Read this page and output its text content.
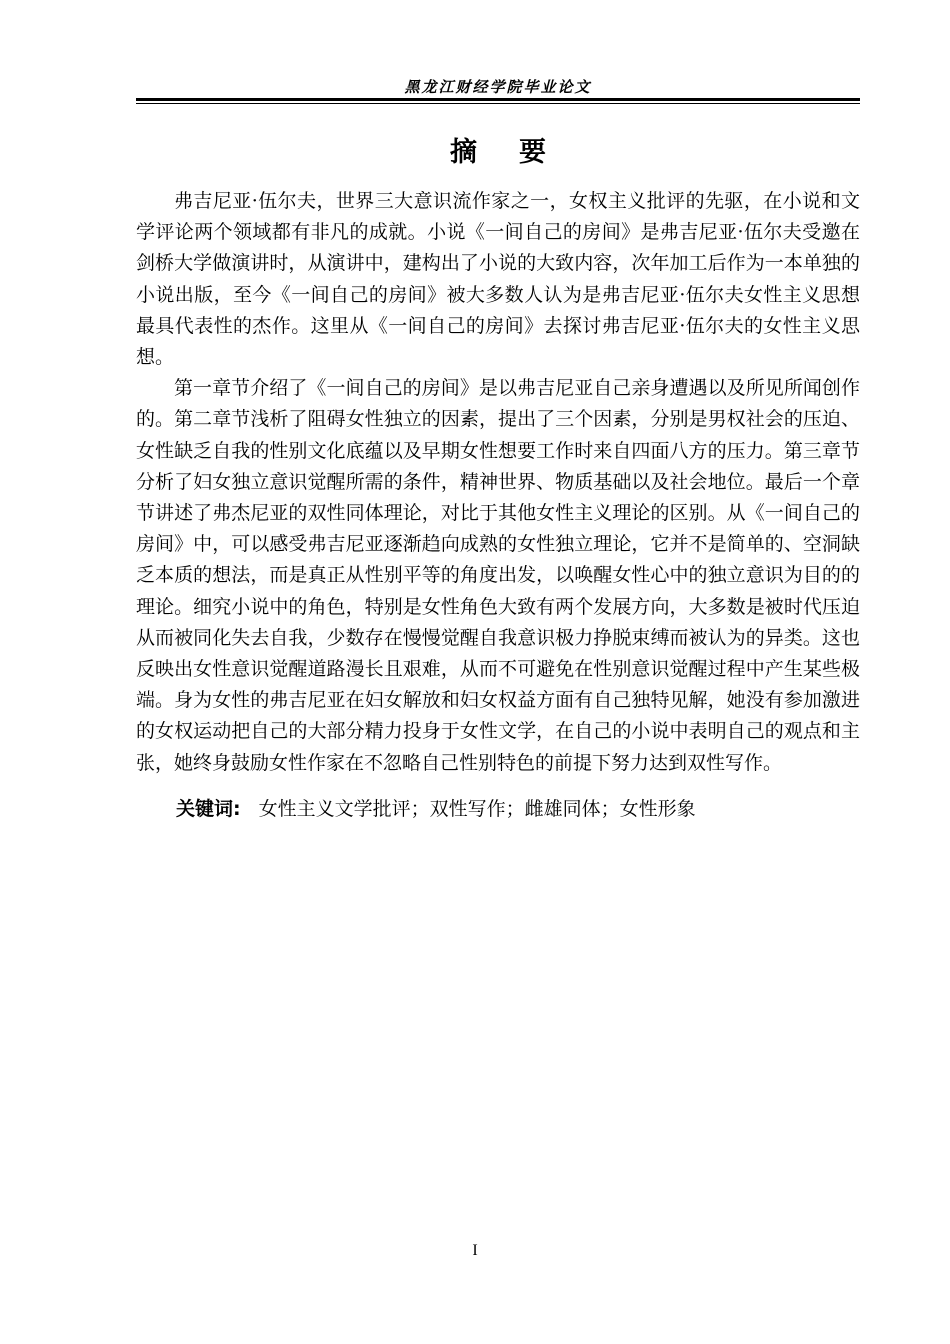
黑龙江财经学院毕业论文
摘要

弗吉尼亚·伍尔夫，世界三大意识流作家之一，女权主义批评的先驱，在小说和文学评论两个领域都有非凡的成就。小说《一间自己的房间》是弗吉尼亚·伍尔夫受邀在剑桥大学做演讲时，从演讲中，建构出了小说的大致内容，次年加工后作为一本单独的小说出版，至今《一间自己的房间》被大多数人认为是弗吉尼亚·伍尔夫女性主义思想最具代表性的杰作。这里从《一间自己的房间》去探讨弗吉尼亚·伍尔夫的女性主义思想。

第一章节介绍了《一间自己的房间》是以弗吉尼亚自己亲身遭遇以及所见所闻创作的。第二章节浅析了阻碍女性独立的因素，提出了三个因素，分别是男权社会的压迫、女性缺乏自我的性别文化底蕴以及早期女性想要工作时来自四面八方的压力。第三章节分析了妇女独立意识觉醒所需的条件，精神世界、物质基础以及社会地位。最后一个章节讲述了弗杰尼亚的双性同体理论，对比于其他女性主义理论的区别。从《一间自己的房间》中，可以感受弗吉尼亚逐渐趋向成熟的女性独立理论，它并不是简单的、空洞缺乏本质的想法，而是真正从性别平等的角度出发，以唤醒女性心中的独立意识为目的的理论。细究小说中的角色，特别是女性角色大致有两个发展方向，大多数是被时代压迫从而被同化失去自我，少数存在慢慢觉醒自我意识极力挣脱束缚而被认为的异类。这也反映出女性意识觉醒道路漫长且艰难，从而不可避免在性别意识觉醒过程中产生某些极端。身为女性的弗吉尼亚在妇女解放和妇女权益方面有自己独特见解，她没有参加激进的女权运动把自己的大部分精力投身于女性文学，在自己的小说中表明自己的观点和主张，她终身鼓励女性作家在不忽略自己性别特色的前提下努力达到双性写作。

关键词: 女性主义文学批评；双性写作；雌雄同体；女性形象
I
